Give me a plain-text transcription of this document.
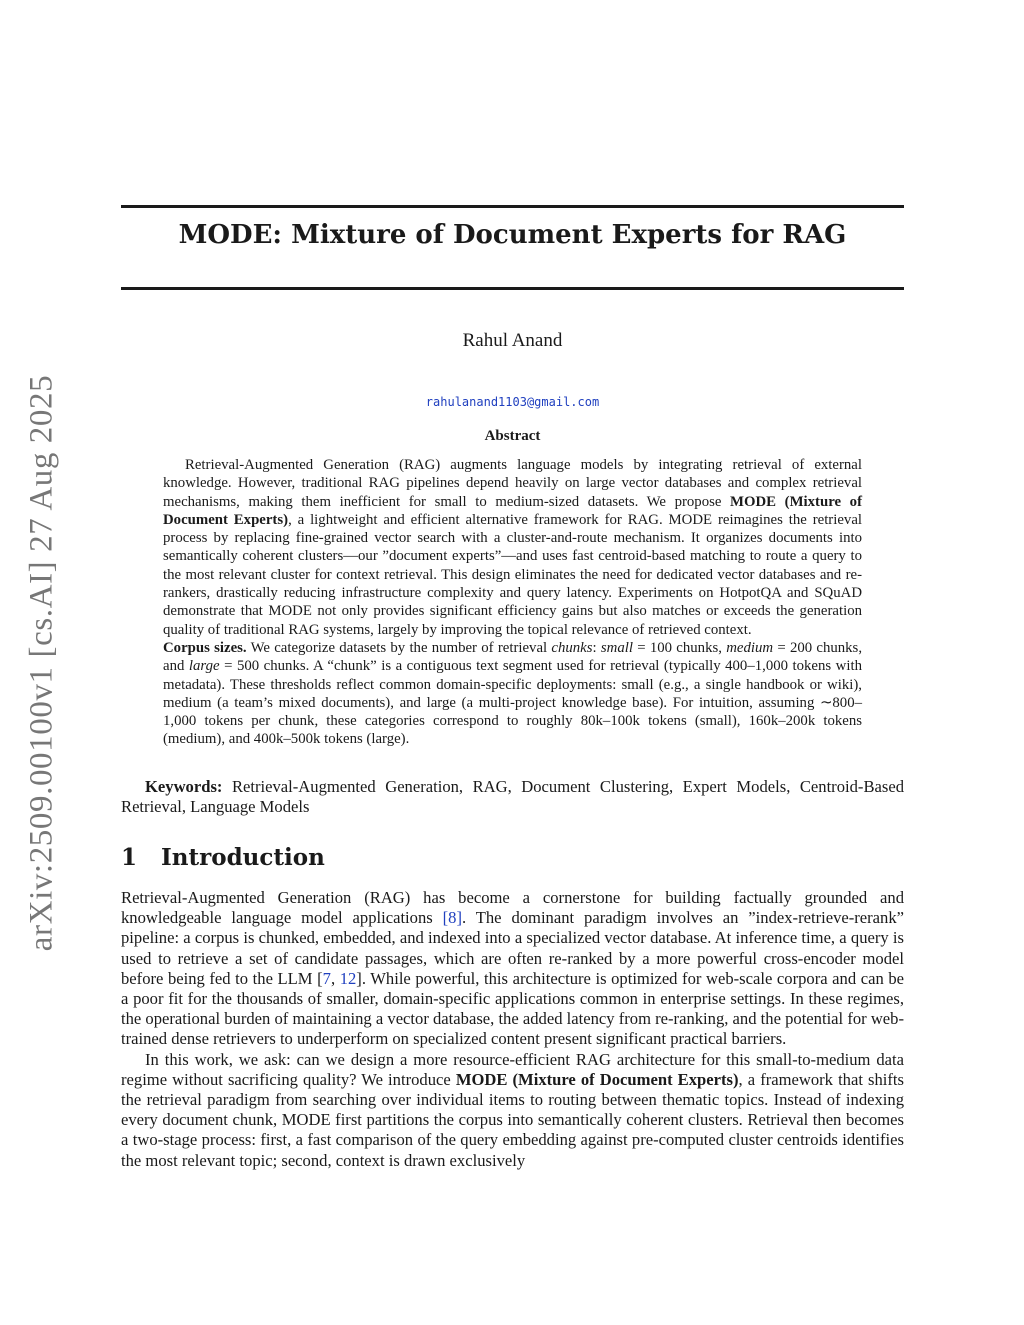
arXiv:2509.00100v1 [cs.AI] 27 Aug 2025
MODE: Mixture of Document Experts for RAG
Rahul Anand
rahulanand1103@gmail.com
Abstract

Retrieval-Augmented Generation (RAG) augments language models by integrating retrieval of external knowledge. However, traditional RAG pipelines depend heavily on large vector databases and complex retrieval mechanisms, making them inefficient for small to medium-sized datasets. We propose MODE (Mixture of Document Experts), a lightweight and efficient alternative framework for RAG. MODE reimagines the retrieval process by replacing fine-grained vector search with a cluster-and-route mechanism. It organizes documents into semantically coherent clusters—our ”document experts”—and uses fast centroid-based matching to route a query to the most relevant cluster for context retrieval. This design eliminates the need for dedicated vector databases and re-rankers, drastically reducing infrastructure complexity and query latency. Experiments on HotpotQA and SQuAD demonstrate that MODE not only provides significant efficiency gains but also matches or exceeds the generation quality of traditional RAG systems, largely by improving the topical relevance of retrieved context.

Corpus sizes. We categorize datasets by the number of retrieval chunks: small = 100 chunks, medium = 200 chunks, and large = 500 chunks. A “chunk” is a contiguous text segment used for retrieval (typically 400–1,000 tokens with metadata). These thresholds reflect common domain-specific deployments: small (e.g., a single handbook or wiki), medium (a team’s mixed documents), and large (a multi-project knowledge base). For intuition, assuming ∼800–1,000 tokens per chunk, these categories correspond to roughly 80k–100k tokens (small), 160k–200k tokens (medium), and 400k–500k tokens (large).

Keywords: Retrieval-Augmented Generation, RAG, Document Clustering, Expert Models, Centroid-Based Retrieval, Language Models

1 Introduction

Retrieval-Augmented Generation (RAG) has become a cornerstone for building factually grounded and knowledgeable language model applications [8]. The dominant paradigm involves an ”index-retrieve-rerank” pipeline: a corpus is chunked, embedded, and indexed into a specialized vector database. At inference time, a query is used to retrieve a set of candidate passages, which are often re-ranked by a more powerful cross-encoder model before being fed to the LLM [7, 12]. While powerful, this architecture is optimized for web-scale corpora and can be a poor fit for the thousands of smaller, domain-specific applications common in enterprise settings. In these regimes, the operational burden of maintaining a vector database, the added latency from re-ranking, and the potential for web-trained dense retrievers to underperform on specialized content present significant practical barriers.

In this work, we ask: can we design a more resource-efficient RAG architecture for this small-to-medium data regime without sacrificing quality? We introduce MODE (Mixture of Document Experts), a framework that shifts the retrieval paradigm from searching over individual items to routing between thematic topics. Instead of indexing every document chunk, MODE first partitions the corpus into semantically coherent clusters. Retrieval then becomes a two-stage process: first, a fast comparison of the query embedding against pre-computed cluster centroids identifies the most relevant topic; second, context is drawn exclusively
